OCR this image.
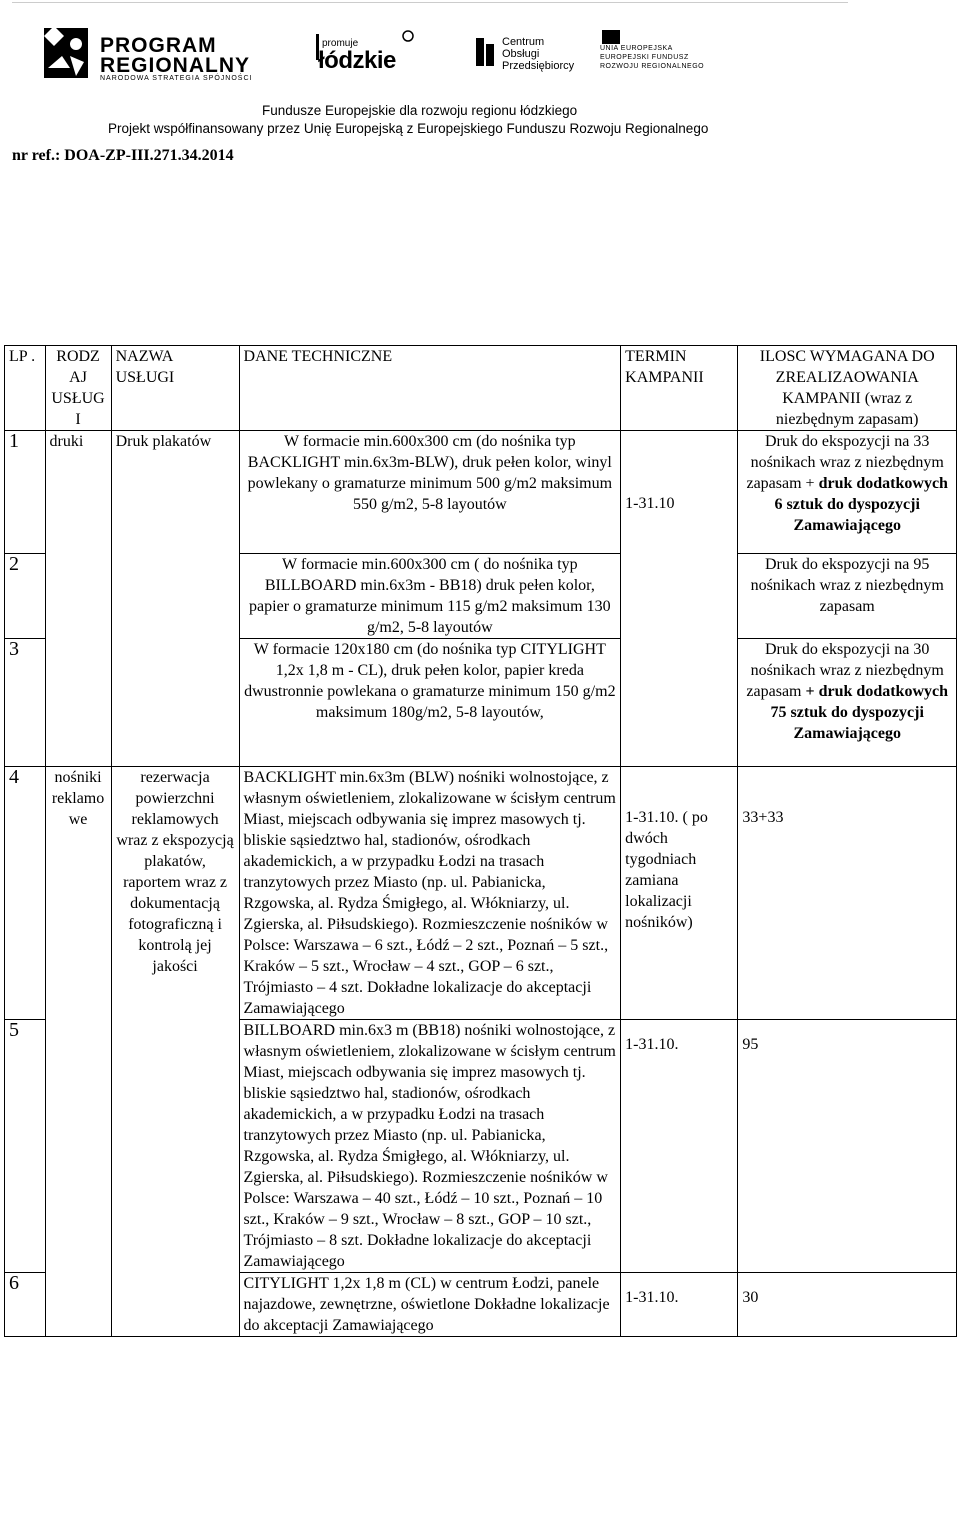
PROGRAM
REGIONALNY
NARODOWA STRATEGIA SPÓJNOŚCI
promuje
łódzkie
Centrum
Obsługi
Przedsiębiorcy
UNIA EUROPEJSKA
EUROPEJSKI FUNDUSZ
ROZWOJU REGIONALNEGO
Fundusze Europejskie dla rozwoju regionu łódzkiego
Projekt współfinansowany przez Unię Europejską z Europejskiego Funduszu Rozwoju Regionalnego
nr ref.: DOA-ZP-III.271.34.2014
LP .	RODZ AJ USŁUG I	NAZWA USŁUGI	DANE TECHNICZNE	TERMIN KAMPANII	ILOSC WYMAGANA DO ZREALIZAOWANIA KAMPANII (wraz z niezbędnym zapasam)
1	druki	Druk plakatów	W formacie min.600x300 cm (do nośnika typ BACKLIGHT min.6x3m-BLW), druk pełen kolor, winyl powlekany o gramaturze minimum 500 g/m2 maksimum 550 g/m2, 5-8 layoutów	1-31.10	Druk do ekspozycji na 33 nośnikach wraz z niezbędnym zapasam + druk dodatkowych 6 sztuk do dyspozycji Zamawiającego
2			W formacie min.600x300 cm ( do nośnika typ BILLBOARD min.6x3m - BB18) druk pełen kolor, papier o gramaturze minimum 115 g/m2 maksimum 130 g/m2, 5-8 layoutów		Druk do ekspozycji na 95 nośnikach wraz z niezbędnym zapasam
3			W formacie 120x180 cm (do nośnika typ CITYLIGHT 1,2x 1,8 m - CL), druk pełen kolor, papier kreda dwustronnie powlekana o gramaturze minimum 150 g/m2 maksimum 180g/m2, 5-8 layoutów,		Druk do ekspozycji na 30 nośnikach wraz z niezbędnym zapasam + druk dodatkowych 75 sztuk do dyspozycji Zamawiającego
4	nośniki reklamo we	rezerwacja powierzchni reklamowych wraz z ekspozycją plakatów, raportem wraz z dokumentacją fotograficzną i kontrolą jej jakości	BACKLIGHT min.6x3m (BLW) nośniki wolnostojące, z własnym oświetleniem, zlokalizowane w ścisłym centrum Miast, miejscach odbywania się imprez masowych tj. bliskie sąsiedztwo hal, stadionów, ośrodkach akademickich, a w przypadku Łodzi na trasach tranzytowych przez Miasto (np. ul. Pabianicka, Rzgowska, al. Rydza Śmigłego, al. Włókniarzy, ul. Zgierska, al. Piłsudskiego). Rozmieszczenie nośników w Polsce: Warszawa – 6 szt., Łódź – 2 szt., Poznań – 5 szt., Kraków – 5 szt., Wrocław – 4 szt., GOP – 6 szt., Trójmiasto – 4 szt. Dokładne lokalizacje do akceptacji Zamawiającego	1-31.10. ( po dwóch tygodniach zamiana lokalizacji nośników)	33+33

5			BILLBOARD min.6x3 m (BB18) nośniki wolnostojące, z własnym oświetleniem, zlokalizowane w ścisłym centrum Miast, miejscach odbywania się imprez masowych tj. bliskie sąsiedztwo hal, stadionów, ośrodkach akademickich, a w przypadku Łodzi na trasach tranzytowych przez Miasto (np. ul. Pabianicka, Rzgowska, al. Rydza Śmigłego, al. Włókniarzy, ul. Zgierska, al. Piłsudskiego). Rozmieszczenie nośników w Polsce: Warszawa – 40 szt., Łódź – 10 szt., Poznań – 10 szt., Kraków – 9 szt., Wrocław – 8 szt., GOP – 10 szt., Trójmiasto – 8 szt. Dokładne lokalizacje do akceptacji Zamawiającego	1-31.10.	95

6			CITYLIGHT 1,2x 1,8 m (CL) w centrum Łodzi, panele najazdowe, zewnętrzne, oświetlone Dokładne lokalizacje do akceptacji Zamawiającego	1-31.10.	30
